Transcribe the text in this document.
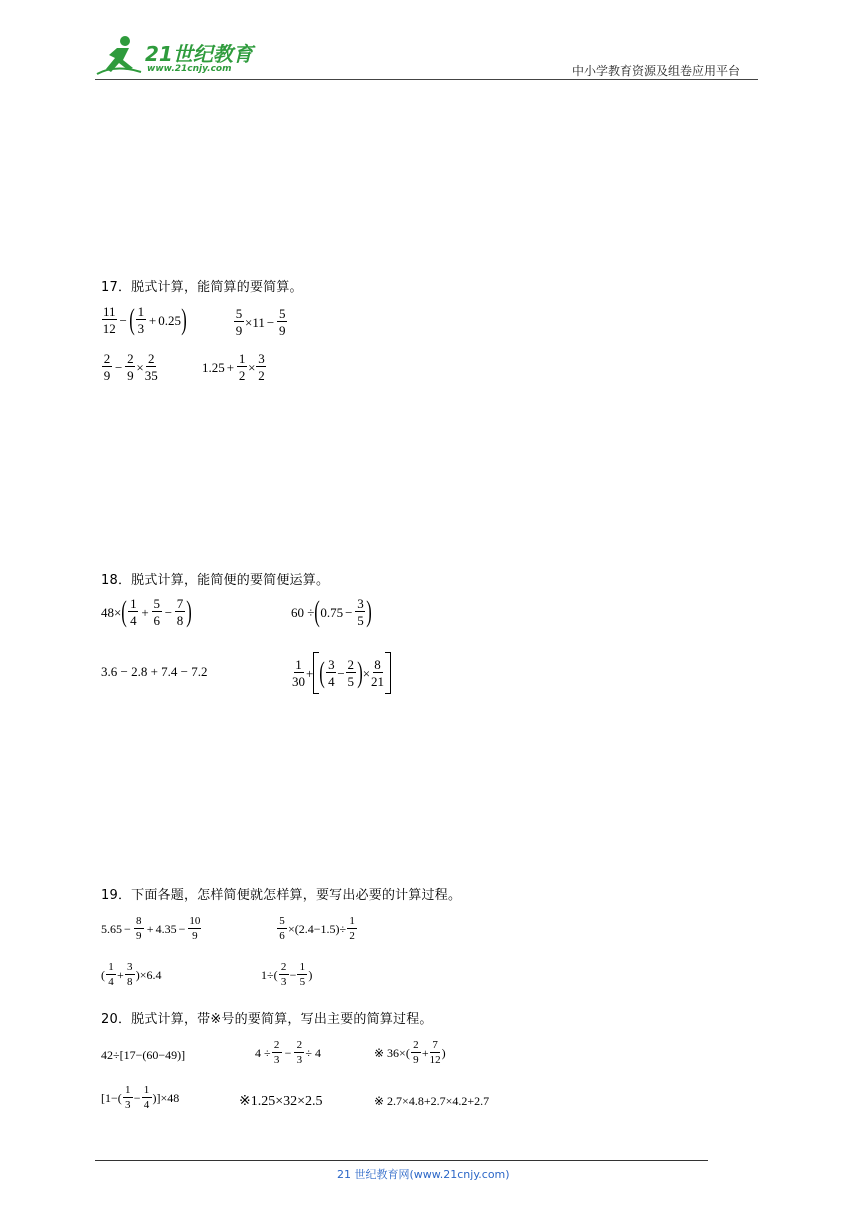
21世纪教育
www.21cnjy.com	中小学教育资源及组卷应用平台
17．脱式计算，能简算的要简算。
11
12
− ( 1
3
+ 0.25 )	$\frac{5}{9} \times 11 - \frac{5}{9}$
2
9
− $\frac{2}{9} \times \frac{2}{35}$	$1.25 + \frac{1}{2} \times \frac{3}{2}$
18．脱式计算，能简便的要简便运算。
48× ( 1
4
+ $\frac{5}{6} - \frac{7}{8}$ )	60 ÷ ( $0.75 - \frac{3}{5}$ )
3.6 − 2.8 + 7.4 − 7.2	1
30
+ ( 3
4
− $\frac{2}{5}$ ) × $\frac{8}{21}$
19．下面各题，怎样简便就怎样算，要写出必要的计算过程。
$5.65 - \frac{8}{9} + 4.35 - \frac{10}{9}$	$\frac{5}{6} \times(2.4-1.5)\div \frac{1}{2}$
(
1
$4 + \frac{3}{8} )\times 6.4$	1÷(
2
$3 - \frac{1}{5}$ )
20．脱式计算，带※号的要简算，写出主要的简算过程。
42÷[17−(60−49)]	$4 \div \frac{2}{3} - \frac{2}{3} \div 4$	※ 36×(
2
$9 + \frac{7}{12}$ )
[1−(
1
$3 - \frac{1}{4} )]\times 48$	※1.25×32×2.5	※ 2.7×4.8+2.7×4.2+2.7
21 世纪教育网(www.21cnjy.com)
